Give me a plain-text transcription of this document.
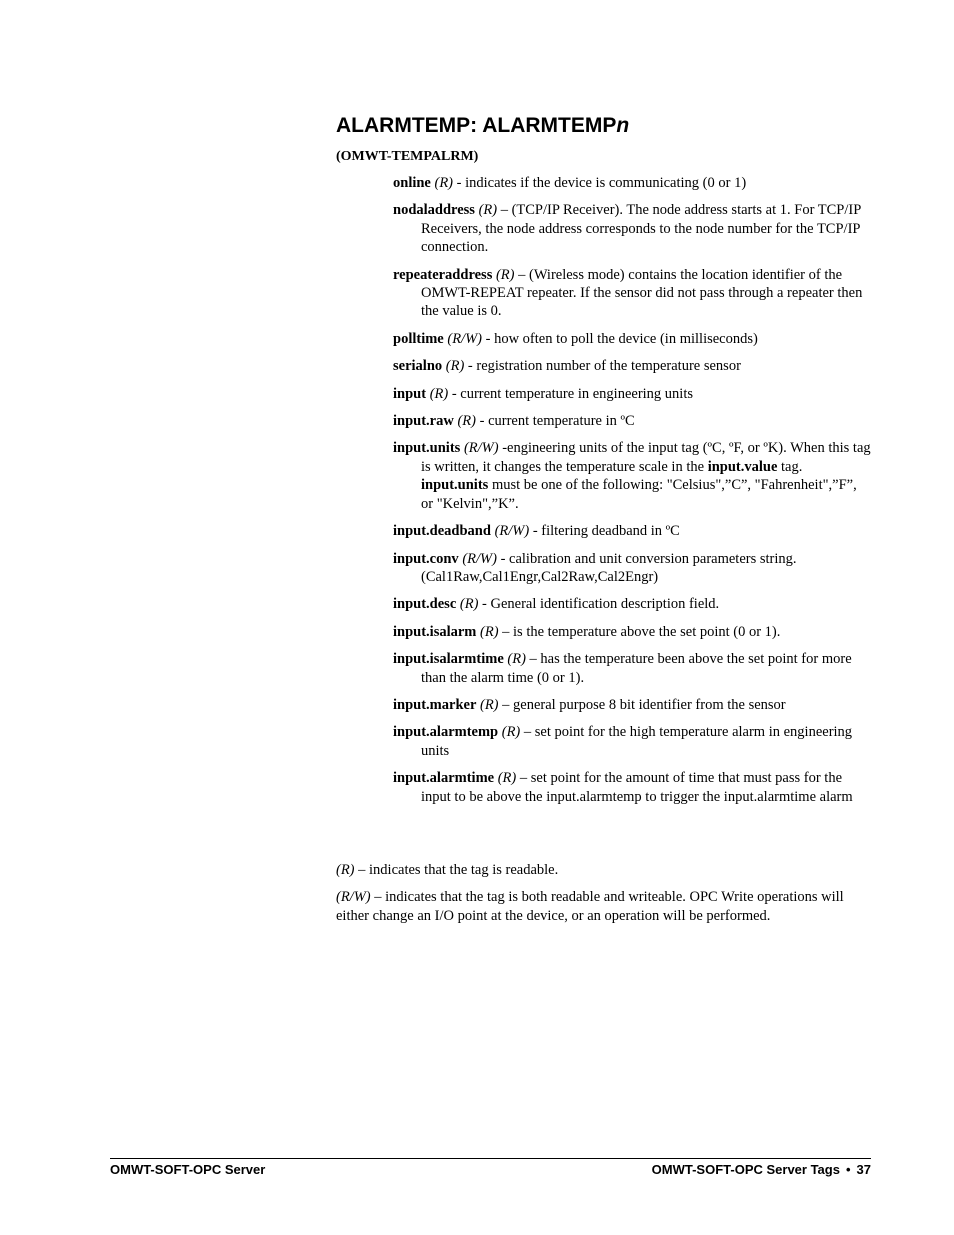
ALARMTEMP: ALARMTEMPn

(OMWT-TEMPALRM)

online (R) - indicates if the device is communicating (0 or 1)

nodaladdress (R) – (TCP/IP Receiver). The node address starts at 1. For TCP/IP Receivers, the node address corresponds to the node number for the TCP/IP connection.

repeateraddress (R) – (Wireless mode) contains the location identifier of the OMWT-REPEAT repeater. If the sensor did not pass through a repeater then the value is 0.

polltime (R/W) - how often to poll the device (in milliseconds)

serialno (R) - registration number of the temperature sensor

input (R) - current temperature in engineering units

input.raw (R) - current temperature in ºC

input.units (R/W) -engineering units of the input tag (ºC, ºF, or ºK). When this tag is written, it changes the temperature scale in the input.value tag. input.units must be one of the following: "Celsius",”C”, "Fahrenheit",”F”, or "Kelvin",”K”.

input.deadband (R/W) - filtering deadband in ºC

input.conv (R/W) - calibration and unit conversion parameters string. (Cal1Raw,Cal1Engr,Cal2Raw,Cal2Engr)

input.desc (R) - General identification description field.

input.isalarm (R) – is the temperature above the set point (0 or 1).

input.isalarmtime (R) – has the temperature been above the set point for more than the alarm time (0 or 1).

input.marker (R) – general purpose 8 bit identifier from the sensor

input.alarmtemp (R) – set point for the high temperature alarm in engineering units

input.alarmtime (R) – set point for the amount of time that must pass for the input to be above the input.alarmtemp to trigger the input.alarmtime alarm

(R) – indicates that the tag is readable.

(R/W) – indicates that the tag is both readable and writeable. OPC Write operations will either change an I/O point at the device, or an operation will be performed.

OMWT-SOFT-OPC Server	OMWT-SOFT-OPC Server Tags • 37
